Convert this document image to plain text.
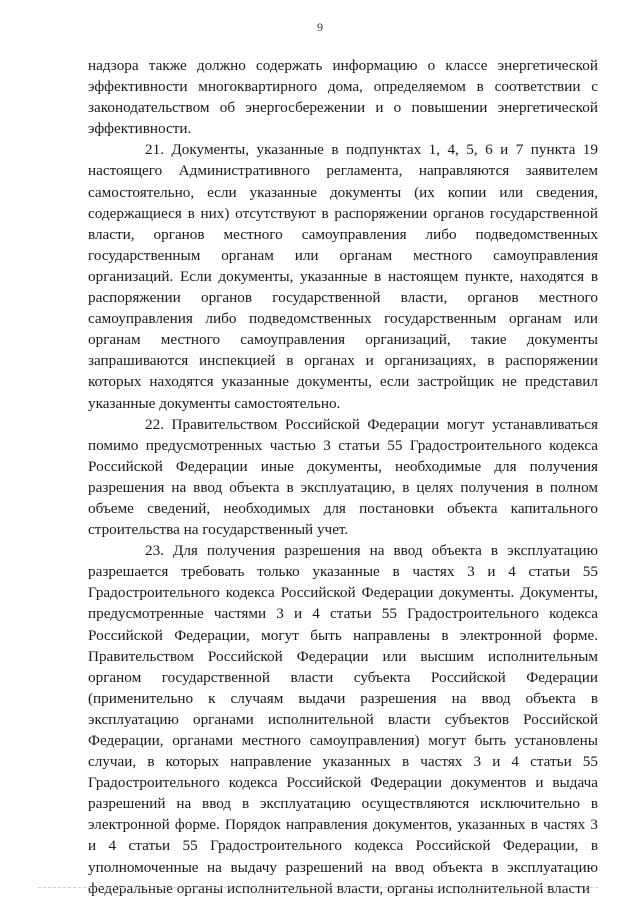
9

надзора также должно содержать информацию о классе энергетической эффективности многоквартирного дома, определяемом в соответствии с законодательством об энергосбережении и о повышении энергетической эффективности.

21. Документы, указанные в подпунктах 1, 4, 5, 6 и 7 пункта 19 настоящего Административного регламента, направляются заявителем самостоятельно, если указанные документы (их копии или сведения, содержащиеся в них) отсутствуют в распоряжении органов государственной власти, органов местного самоуправления либо подведомственных государственным органам или органам местного самоуправления организаций. Если документы, указанные в настоящем пункте, находятся в распоряжении органов государственной власти, органов местного самоуправления либо подведомственных государственным органам или органам местного самоуправления организаций, такие документы запрашиваются инспекцией в органах и организациях, в распоряжении которых находятся указанные документы, если застройщик не представил указанные документы самостоятельно.

22. Правительством Российской Федерации могут устанавливаться помимо предусмотренных частью 3 статьи 55 Градостроительного кодекса Российской Федерации иные документы, необходимые для получения разрешения на ввод объекта в эксплуатацию, в целях получения в полном объеме сведений, необходимых для постановки объекта капитального строительства на государственный учет.

23. Для получения разрешения на ввод объекта в эксплуатацию разрешается требовать только указанные в частях 3 и 4 статьи 55 Градостроительного кодекса Российской Федерации документы. Документы, предусмотренные частями 3 и 4 статьи 55 Градостроительного кодекса Российской Федерации, могут быть направлены в электронной форме. Правительством Российской Федерации или высшим исполнительным органом государственной власти субъекта Российской Федерации (применительно к случаям выдачи разрешения на ввод объекта в эксплуатацию органами исполнительной власти субъектов Российской Федерации, органами местного самоуправления) могут быть установлены случаи, в которых направление указанных в частях 3 и 4 статьи 55 Градостроительного кодекса Российской Федерации документов и выдача разрешений на ввод в эксплуатацию осуществляются исключительно в электронной форме. Порядок направления документов, указанных в частях 3 и 4 статьи 55 Градостроительного кодекса Российской Федерации, в уполномоченные на выдачу разрешений на ввод объекта в эксплуатацию федеральные органы исполнительной власти, органы исполнительной власти
